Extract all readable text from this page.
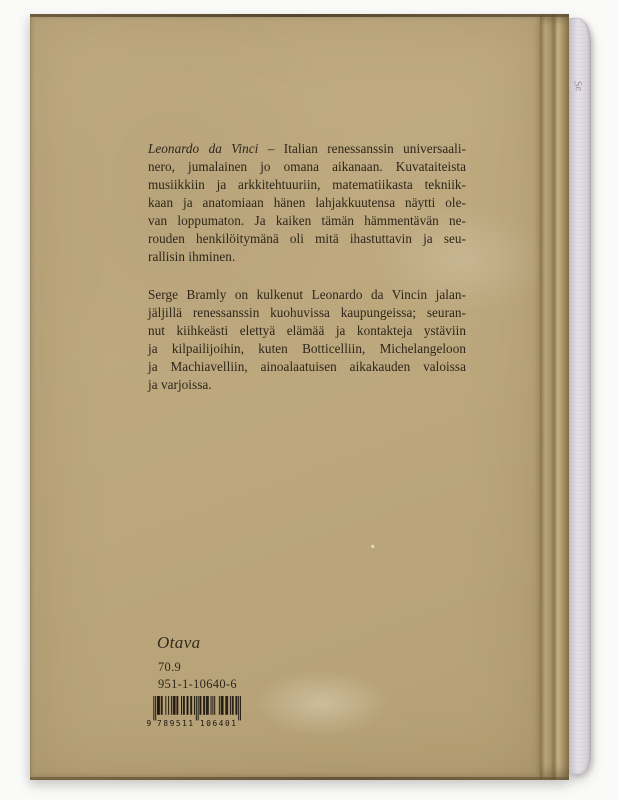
Leonardo da Vinci – Italian renessanssin universaali-
nero, jumalainen jo omana aikanaan. Kuvataiteista
musiikkiin ja arkkitehtuuriin, matematiikasta tekniik-
kaan ja anatomiaan hänen lahjakkuutensa näytti ole-
van loppumaton. Ja kaiken tämän hämmentävän ne-
rouden henkilöitymänä oli mitä ihastuttavin ja seu-
rallisin ihminen.
Serge Bramly on kulkenut Leonardo da Vincin jalan-
jäljillä renessanssin kuohuvissa kaupungeissa; seuran-
nut kiihkeästi elettyä elämää ja kontakteja ystäviin
ja kilpailijoihin, kuten Botticelliin, Michelangeloon
ja Machiavelliin, ainoalaatuisen aikakauden valoissa
ja varjoissa.
Otava
70.9
951-1-10640-6
9 789511 106401
Se
